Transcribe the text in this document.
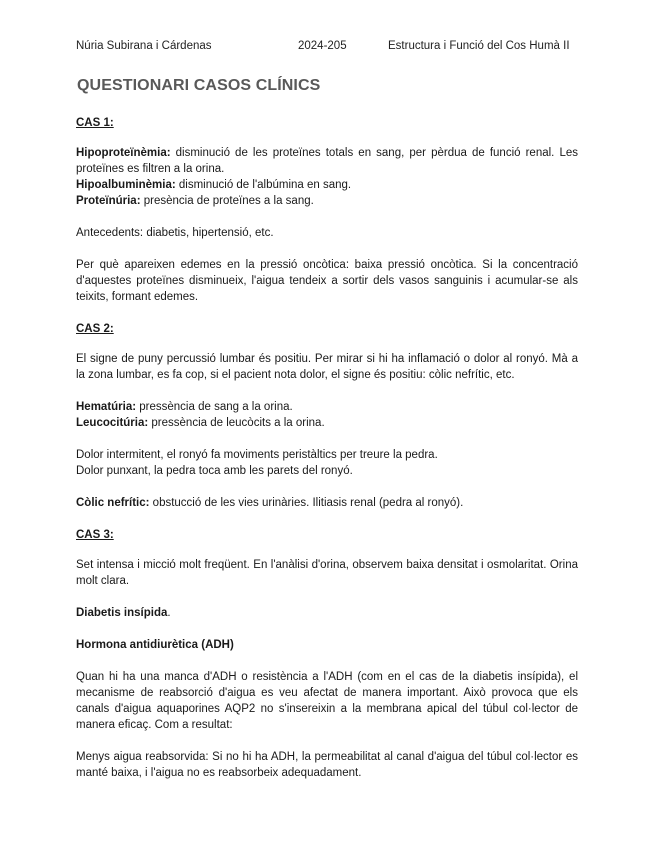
Núria Subirana i Cárdenas	2024-205	Estructura i Funció del Cos Humà II
QUESTIONARI CASOS CLÍNICS

CAS 1:

Hipoproteïnèmia: disminució de les proteïnes totals en sang, per pèrdua de funció renal. Les proteïnes es filtren a la orina.

Hipoalbuminèmia: disminució de l'albúmina en sang.

Proteïnúria: presència de proteïnes a la sang.

Antecedents: diabetis, hipertensió, etc.

Per què apareixen edemes en la pressió oncòtica: baixa pressió oncòtica. Si la concentració d'aquestes proteïnes disminueix, l'aigua tendeix a sortir dels vasos sanguinis i acumular-se als teixits, formant edemes.

CAS 2:

El signe de puny percussió lumbar és positiu. Per mirar si hi ha inflamació o dolor al ronyó. Mà a la zona lumbar, es fa cop, si el pacient nota dolor, el signe és positiu: còlic nefrític, etc.

Hematúria: pressència de sang a la orina.

Leucocitúria: pressència de leucòcits a la orina.

Dolor intermitent, el ronyó fa moviments peristàltics per treure la pedra.

Dolor punxant, la pedra toca amb les parets del ronyó.

Còlic nefrític: obstucció de les vies urinàries. Ilitiasis renal (pedra al ronyó).

CAS 3:

Set intensa i micció molt freqüent. En l'anàlisi d'orina, observem baixa densitat i osmolaritat. Orina molt clara.

Diabetis insípida.

Hormona antidiurètica (ADH)

Quan hi ha una manca d'ADH o resistència a l'ADH (com en el cas de la diabetis insípida), el mecanisme de reabsorció d'aigua es veu afectat de manera important. Això provoca que els canals d'aigua aquaporines AQP2 no s'insereixin a la membrana apical del túbul col·lector de manera eficaç. Com a resultat:

Menys aigua reabsorvida: Si no hi ha ADH, la permeabilitat al canal d'aigua del túbul col·lector es manté baixa, i l'aigua no es reabsorbeix adequadament.
